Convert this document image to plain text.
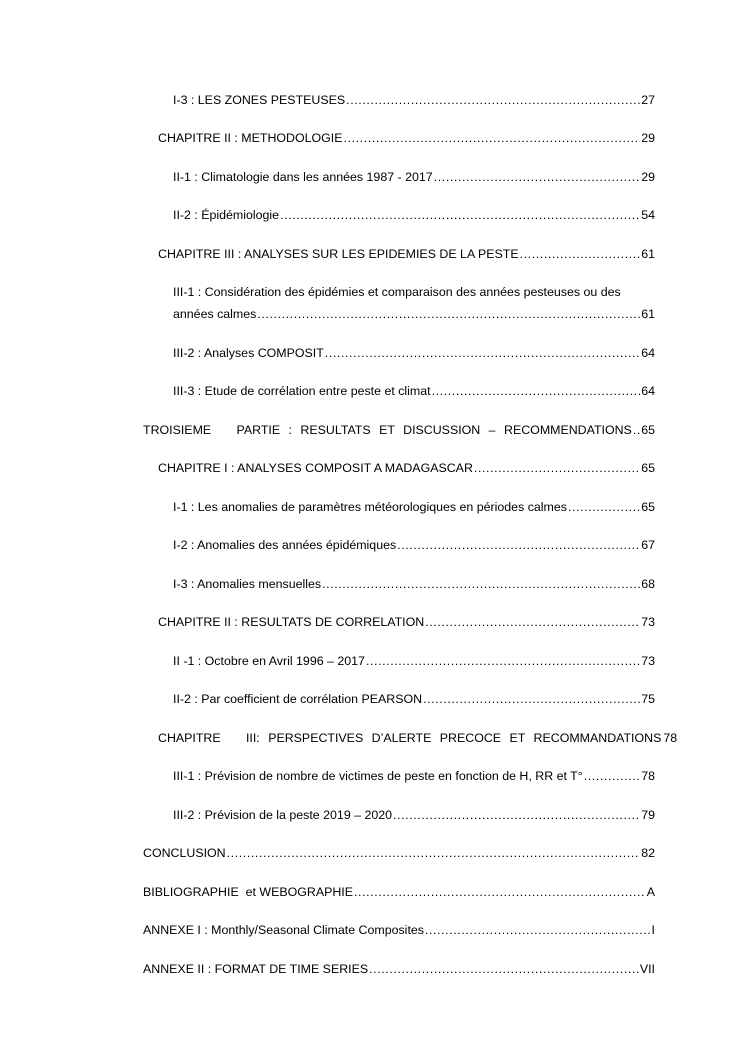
I-3 : LES ZONES PESTEUSES .....	27
CHAPITRE II : METHODOLOGIE .....	29
II-1 : Climatologie dans les années 1987 - 2017 .....	29
II-2 : Épidémiologie .....	54
CHAPITRE III : ANALYSES SUR LES EPIDEMIES DE LA PESTE .....	61
III-1 : Considération des épidémies et comparaison des années pesteuses ou des
années calmes .....	61
III-2 : Analyses COMPOSIT .....	64
III-3 : Etude de corrélation entre peste et climat .....	64
TROISIEME   PARTIE : RESULTATS ET DISCUSSION – RECOMMENDATIONS ..... 65
CHAPITRE I : ANALYSES COMPOSIT A MADAGASCAR .....	65
I-1 : Les anomalies de paramètres météorologiques en périodes calmes .....	65
I-2 : Anomalies des années épidémiques .....	67
I-3 : Anomalies mensuelles .....	68
CHAPITRE II : RESULTATS DE CORRELATION .....	73
II -1 : Octobre en Avril 1996 – 2017 .....	73
II-2 : Par coefficient de corrélation PEARSON .....	75
CHAPITRE   III: PERSPECTIVES D’ALERTE PRECOCE ET RECOMMANDATIONS 78
III-1 : Prévision de nombre de victimes de peste en fonction de H, RR et T° .....	78
III-2 : Prévision de la peste 2019 – 2020 .....	79
CONCLUSION .....	82
BIBLIOGRAPHIE  et WEBOGRAPHIE .....	A
ANNEXE I : Monthly/Seasonal Climate Composites .....	I
ANNEXE II : FORMAT DE TIME SERIES .....	VII
